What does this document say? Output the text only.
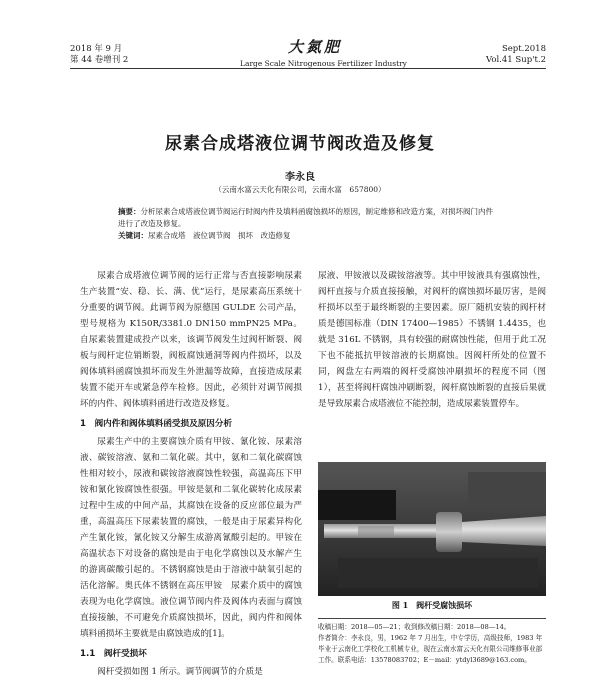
2018 年 9 月
第 44 卷增刊 2
大氮肥
Large Scale Nitrogenous Fertilizer Industry
Sept.2018
Vol.41 Sup't.2
尿素合成塔液位调节阀改造及修复
李永良
（云南水富云天化有限公司，云南水富　657800）
摘要：分析尿素合成塔液位调节阀运行时阀内件及填料函腐蚀损坏的原因，制定维修和改造方案，对损坏阀门内件进行了改造及修复。
关键词：尿素合成塔　液位调节阀　损坏　改造修复

尿素合成塔液位调节阀的运行正常与否直接影响尿素生产装置“安、稳、长、满、优”运行，是尿素高压系统十分重要的调节阀。此调节阀为原德国 GULDE 公司产品，型号规格为 K150R/3381.0 DN150 mmPN25 MPa。自尿素装置建成投产以来，该调节阀发生过阀杆断裂、阀板与阀杆定位销断裂，阀板腐蚀通洞等阀内件损坏，以及阀体填料函腐蚀损坏而发生外泄漏等故障，直接造成尿素装置不能开车或紧急停车检修。因此，必须针对调节阀损坏的内件、阀体填料函进行改造及修复。

1　阀内件和阀体填料函受损及原因分析

尿素生产中的主要腐蚀介质有甲铵、氰化铵、尿素溶液、碳铵溶液、氨和二氧化碳。其中，氨和二氧化碳腐蚀性相对较小，尿液和碳铵溶液腐蚀性较强，高温高压下甲铵和氰化铵腐蚀性很强。甲铵是氨和二氧化碳转化成尿素过程中生成的中间产品，其腐蚀在设备的反应部位最为严重，高温高压下尿素装置的腐蚀，一般是由于尿素异构化产生氰化铵，氰化铵又分解生成游离氰酸引起的。甲铵在高温状态下对设备的腐蚀是由于电化学腐蚀以及水解产生的游离碳酸引起的。不锈钢腐蚀是由于溶液中缺氧引起的活化溶解。奥氏体不锈钢在高压甲铵　尿素介质中的腐蚀表现为电化学腐蚀。液位调节阀内件及阀体内表面与腐蚀直接接触，不可避免介质腐蚀损坏，因此，阀内件和阀体填料函损坏主要就是由腐蚀造成的[1]。

1.1　阀杆受损坏

阀杆受损如图 1 所示。调节阀调节的介质是

尿液、甲铵液以及碳铵溶液等。其中甲铵液具有强腐蚀性，阀杆直接与介质直接接触，对阀杆的腐蚀损坏最厉害，是阀杆损坏以至于最终断裂的主要因素。原厂随机安装的阀杆材质是德国标准（DIN 17400—1985）不锈钢 1.4435，也就是 316L 不锈钢，具有较强的耐腐蚀性能，但用于此工况下也不能抵抗甲铵溶液的长期腐蚀。因阀杆所处的位置不同，阀盘左右两端的阀杆受腐蚀冲刷损坏的程度不同（图 1），甚至将阀杆腐蚀冲刷断裂，阀杆腐蚀断裂的直接后果就是导致尿素合成塔液位不能控制，造成尿素装置停车。

图 1　阀杆受腐蚀损坏
收稿日期：2018—05—21；收到修改稿日期：2018—08—14。
作者简介：李永良，男，1962 年 7 月出生，中专学历，高级技师，1983 年毕业于云南化工学校化工机械专业，现在云南水富云天化有限公司维修事业部工作。联系电话：13578083702；E－mail：ytdyl3689@163.com。
